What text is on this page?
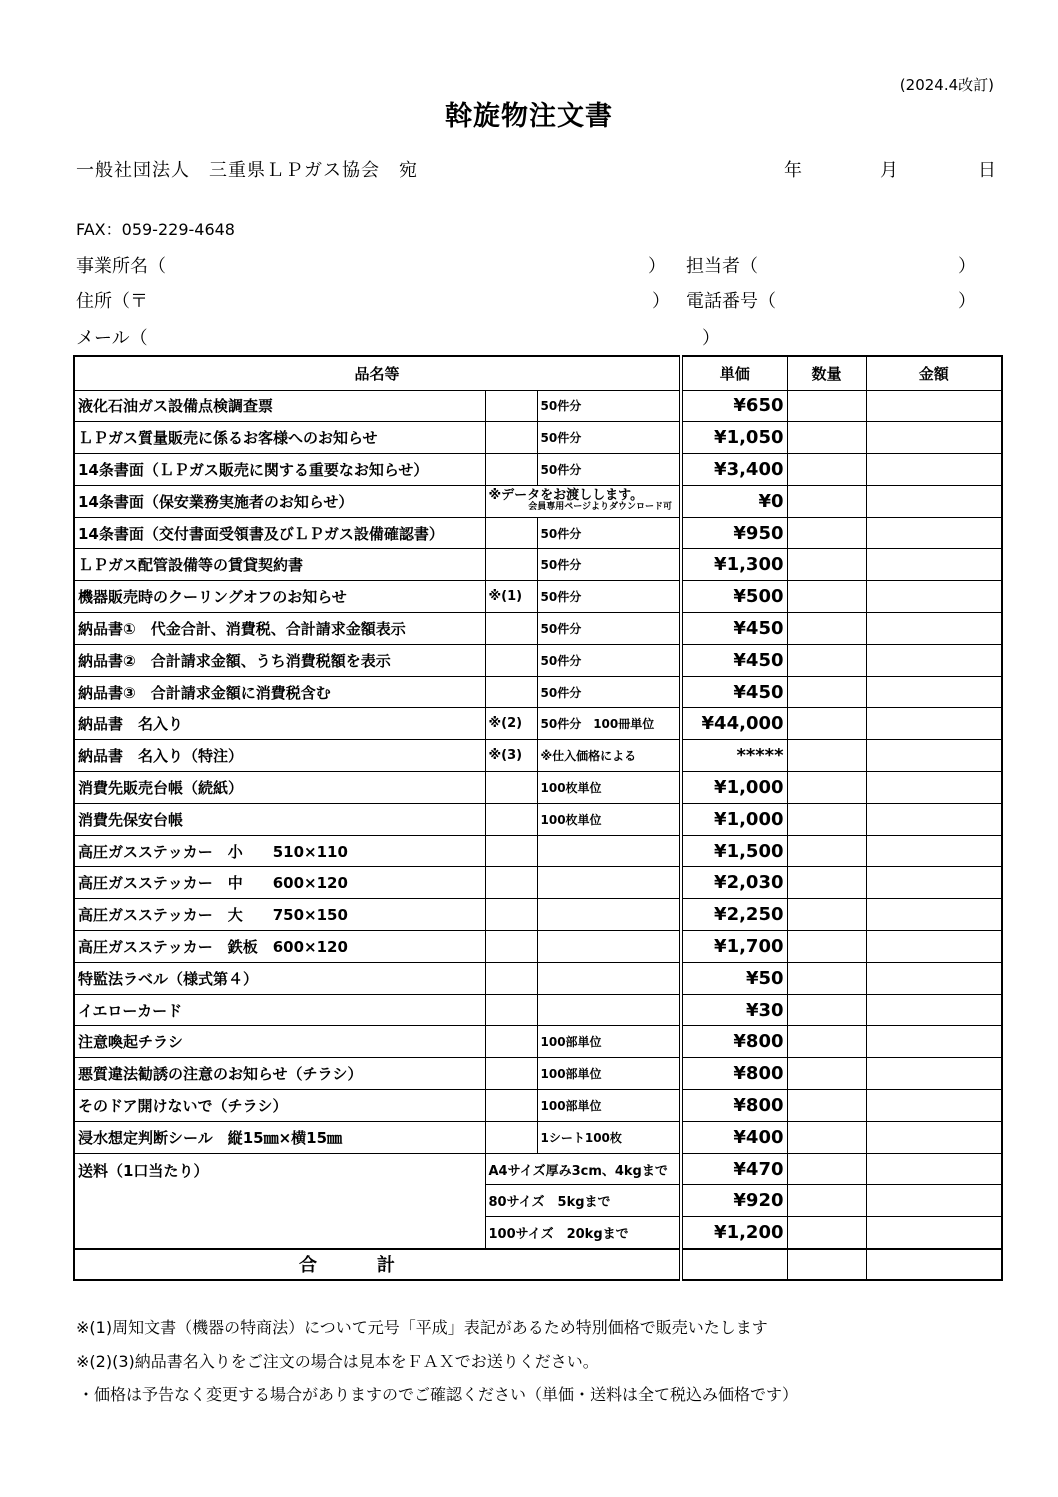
(2024.4改訂)
斡旋物注文書
一般社団法人　三重県ＬＰガス協会　宛	年	月	日
FAX：059-229-4648
事業所名（	） 担当者（	）
住所（〒	） 電話番号（	）
メール（	）
品名等			単価	数量	金額
液化石油ガス設備点検調査票		50件分	¥650		
ＬＰガス質量販売に係るお客様へのお知らせ		50件分	¥1,050		
14条書面（ＬＰガス販売に関する重要なお知らせ）		50件分	¥3,400		
14条書面（保安業務実施者のお知らせ）	※データをお渡しします。
会員専用ページよりダウンロード可		¥0		
14条書面（交付書面受領書及びＬＰガス設備確認書）		50件分	¥950		
ＬＰガス配管設備等の賃貸契約書		50件分	¥1,300		
機器販売時のクーリングオフのお知らせ	※(1)	50件分	¥500		
納品書①　代金合計、消費税、合計請求金額表示		50件分	¥450		
納品書②　合計請求金額、うち消費税額を表示		50件分	¥450		
納品書③　合計請求金額に消費税含む		50件分	¥450		
納品書　名入り	※(2)	50件分　100冊単位	¥44,000		
納品書　名入り（特注）	※(3)	※仕入価格による	*****		
消費先販売台帳（続紙）		100枚単位	¥1,000		
消費先保安台帳		100枚単位	¥1,000		
高圧ガスステッカー　小　　510×110			¥1,500		
高圧ガスステッカー　中　　600×120			¥2,030		
高圧ガスステッカー　大　　750×150			¥2,250		
高圧ガスステッカー　鉄板　600×120			¥1,700		
特監法ラベル（様式第４）			¥50		
イエローカード			¥30		
注意喚起チラシ		100部単位	¥800		
悪質違法勧誘の注意のお知らせ（チラシ）		100部単位	¥800		
そのドア開けないで（チラシ）		100部単位	¥800		
浸水想定判断シール　縦15㎜×横15㎜		1シート100枚	¥400		
送料（1口当たり）	A4サイズ厚み3cm、4kgまで		¥470		
	80サイズ　5kgまで		¥920		
	100サイズ　20kgまで		¥1,200		
合計					
※(1)周知文書（機器の特商法）について元号「平成」表記があるため特別価格で販売いたします
※(2)(3)納品書名入りをご注文の場合は見本をＦＡＸでお送りください。
・価格は予告なく変更する場合がありますのでご確認ください（単価・送料は全て税込み価格です）
